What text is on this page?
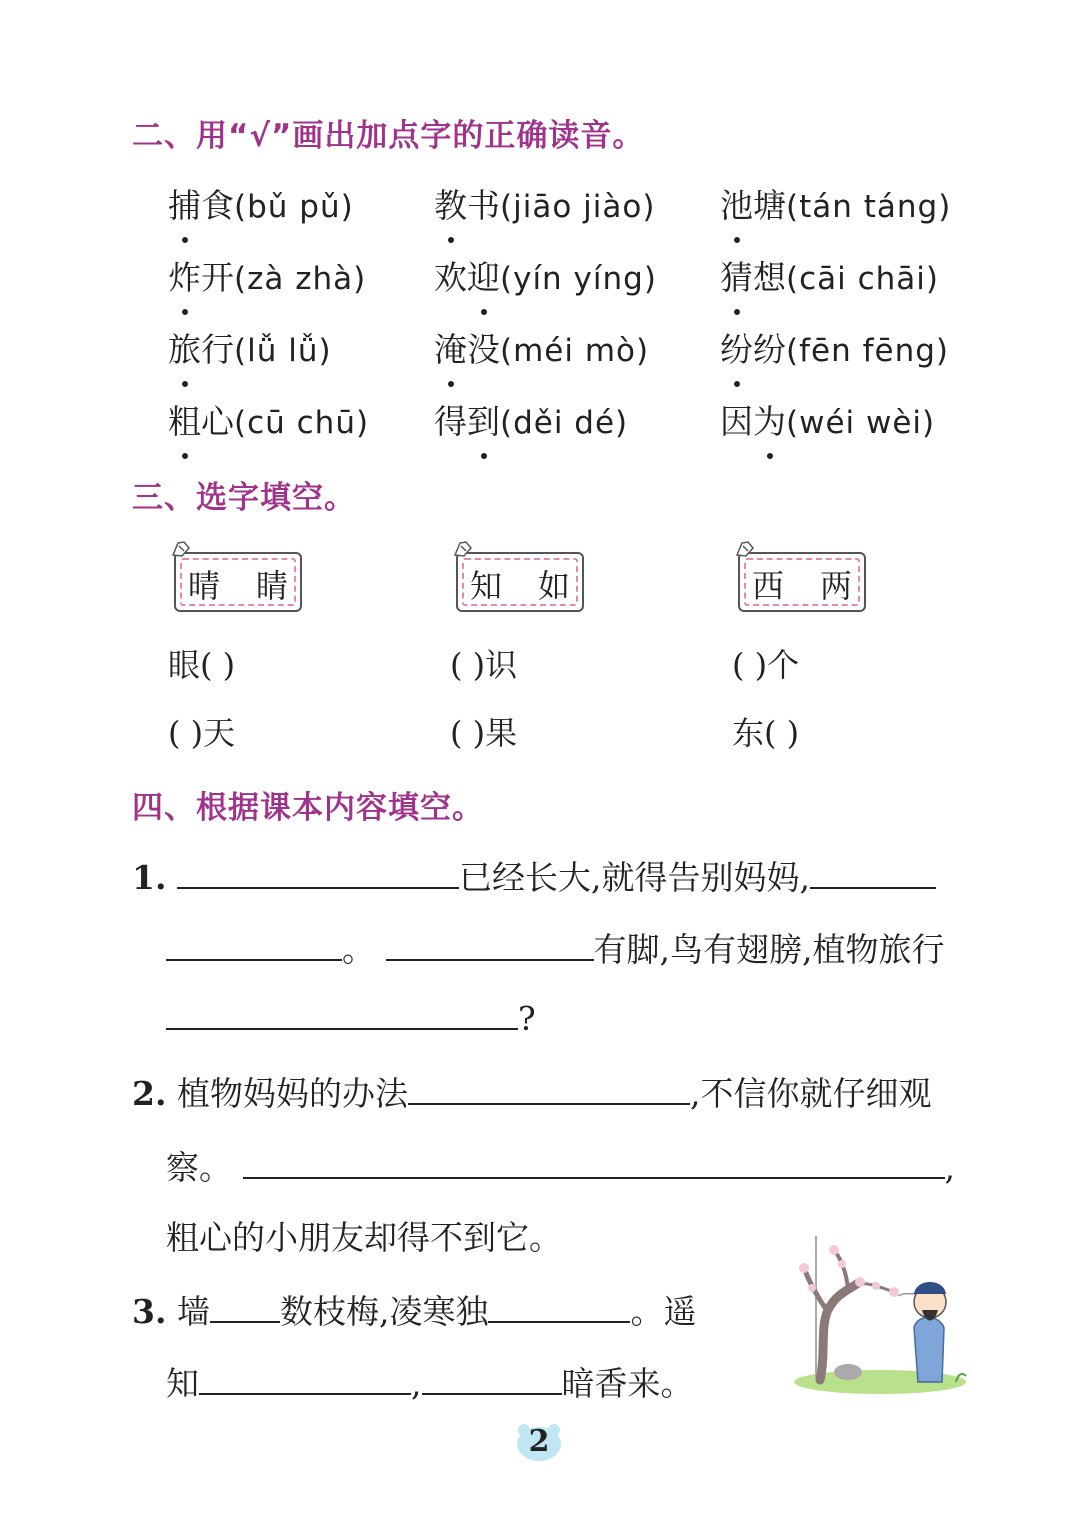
二、用“√”画出加点字的正确读音。
捕食(bǔ pǔ) 教书(jiāo jiào) 池塘(tán táng)
炸开(zà zhà) 欢迎(yín yíng) 猜想(cāi chāi)
旅行(lǚ lǚ)	淹没(méi mò) 纷纷(fēn fēng)
粗心(cū chū) 得到(děi dé)	因为(wéi wèi)
三、选字填空。
晴 睛	知 如	西 两
眼( )	( )识	( )个
( )天	( )果	东( )
四、根据课本内容填空。
1.	已经长大,就得告别妈妈,
。	有脚,鸟有翅膀,植物旅行
?
2. 植物妈妈的办法	,不信你就仔细观
察。	,
粗心的小朋友却得不到它。
3. 墙 数枝梅,凌寒独	。遥
知	,	暗香来。
2
